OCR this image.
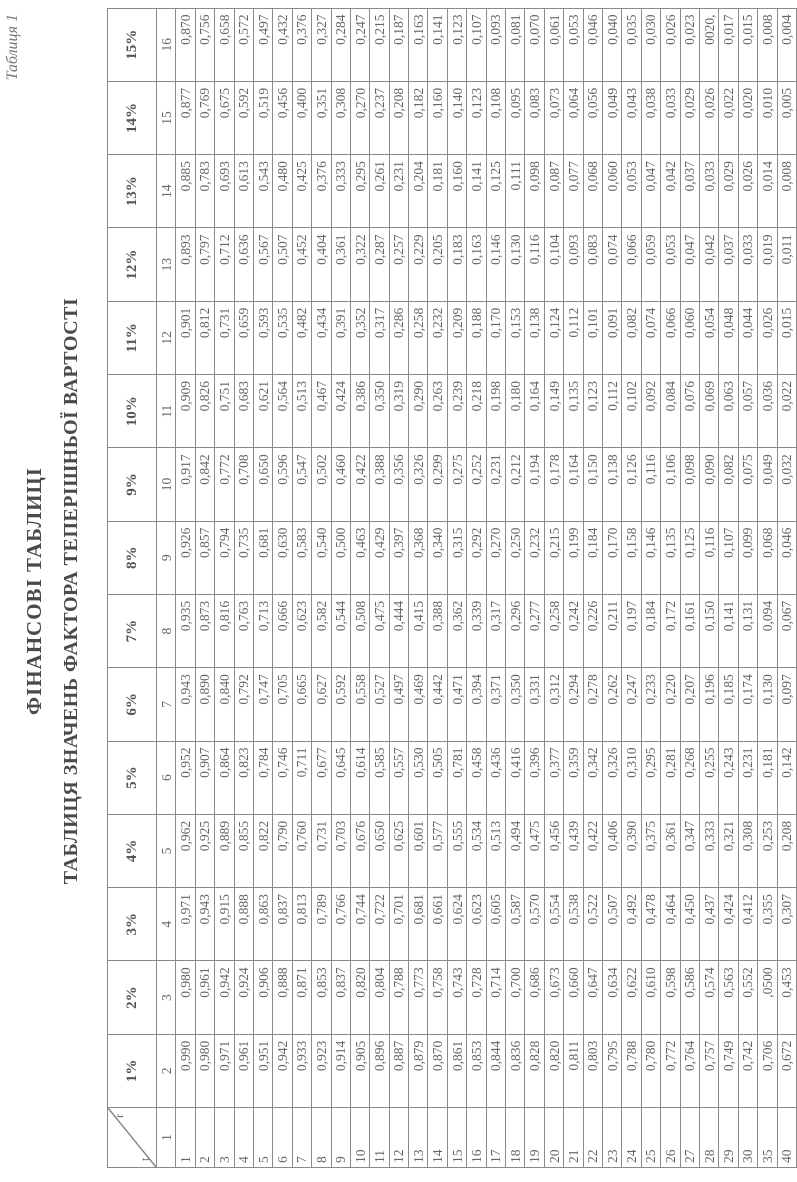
Таблиця 1
ФІНАНСОВІ ТАБЛИЦІ ТАБЛИЦЯ ЗНАЧЕНЬ ФАКТОРА ТЕПЕРІШНЬОЇ ВАРТОСТІ
r
t	1%	2%	3%	4%	5%	6%	7%	8%	9%	10%	11%	12%	13%	14%	15%
1	2	3	4	5	6	7	8	9	10	11	12	13	14	15	16
1	0,990	0,980	0,971	0,962	0,952	0,943	0,935	0,926	0,917	0,909	0,901	0,893	0,885	0,877	0,870
2	0,980	0,961	0,943	0,925	0,907	0,890	0,873	0,857	0,842	0,826	0,812	0,797	0,783	0,769	0,756
3	0,971	0,942	0,915	0,889	0,864	0,840	0,816	0,794	0,772	0,751	0,731	0,712	0,693	0,675	0,658
4	0,961	0,924	0,888	0,855	0,823	0,792	0,763	0,735	0,708	0,683	0,659	0,636	0,613	0,592	0,572
5	0,951	0,906	0,863	0,822	0,784	0,747	0,713	0,681	0,650	0,621	0,593	0,567	0,543	0,519	0,497
6	0,942	0,888	0,837	0,790	0,746	0,705	0,666	0,630	0,596	0,564	0,535	0,507	0,480	0,456	0,432
7	0,933	0,871	0,813	0,760	0,711	0,665	0,623	0,583	0,547	0,513	0,482	0,452	0,425	0,400	0,376
8	0,923	0,853	0,789	0,731	0,677	0,627	0,582	0,540	0,502	0,467	0,434	0,404	0,376	0,351	0,327
9	0,914	0,837	0,766	0,703	0,645	0,592	0,544	0,500	0,460	0,424	0,391	0,361	0,333	0,308	0,284
10	0,905	0,820	0,744	0,676	0,614	0,558	0,508	0,463	0,422	0,386	0,352	0,322	0,295	0,270	0,247
11	0,896	0,804	0,722	0,650	0,585	0,527	0,475	0,429	0,388	0,350	0,317	0,287	0,261	0,237	0,215
12	0,887	0,788	0,701	0,625	0,557	0,497	0,444	0,397	0,356	0,319	0,286	0,257	0,231	0,208	0,187
13	0,879	0,773	0,681	0,601	0,530	0,469	0,415	0,368	0,326	0,290	0,258	0,229	0,204	0,182	0,163
14	0,870	0,758	0,661	0,577	0,505	0,442	0,388	0,340	0,299	0,263	0,232	0,205	0,181	0,160	0,141
15	0,861	0,743	0,624	0,555	0,781	0,471	0,362	0,315	0,275	0,239	0,209	0,183	0,160	0,140	0,123
16	0,853	0,728	0,623	0,534	0,458	0,394	0,339	0,292	0,252	0,218	0,188	0,163	0,141	0,123	0,107
17	0,844	0,714	0,605	0,513	0,436	0,371	0,317	0,270	0,231	0,198	0,170	0,146	0,125	0,108	0,093
18	0,836	0,700	0,587	0,494	0,416	0,350	0,296	0,250	0,212	0,180	0,153	0,130	0,111	0,095	0,081
19	0,828	0,686	0,570	0,475	0,396	0,331	0,277	0,232	0,194	0,164	0,138	0,116	0,098	0,083	0,070
20	0,820	0,673	0,554	0,456	0,377	0,312	0,258	0,215	0,178	0,149	0,124	0,104	0,087	0,073	0,061
21	0,811	0,660	0,538	0,439	0,359	0,294	0,242	0,199	0,164	0,135	0,112	0,093	0,077	0,064	0,053
22	0,803	0,647	0,522	0,422	0,342	0,278	0,226	0,184	0,150	0,123	0,101	0,083	0,068	0,056	0,046
23	0,795	0,634	0,507	0,406	0,326	0,262	0,211	0,170	0,138	0,112	0,091	0,074	0,060	0,049	0,040
24	0,788	0,622	0,492	0,390	0,310	0,247	0,197	0,158	0,126	0,102	0,082	0,066	0,053	0,043	0,035
25	0,780	0,610	0,478	0,375	0,295	0,233	0,184	0,146	0,116	0,092	0,074	0,059	0,047	0,038	0,030
26	0,772	0,598	0,464	0,361	0,281	0,220	0,172	0,135	0,106	0,084	0,066	0,053	0,042	0,033	0,026
27	0,764	0,586	0,450	0,347	0,268	0,207	0,161	0,125	0,098	0,076	0,060	0,047	0,037	0,029	0,023
28	0,757	0,574	0,437	0,333	0,255	0,196	0,150	0,116	0,090	0,069	0,054	0,042	0,033	0,026	0020,
29	0,749	0,563	0,424	0,321	0,243	0,185	0,141	0,107	0,082	0,063	0,048	0,037	0,029	0,022	0,017
30	0,742	0,552	0,412	0,308	0,231	0,174	0,131	0,099	0,075	0,057	0,044	0,033	0,026	0,020	0,015
35	0,706	,0500	0,355	0,253	0,181	0,130	0,094	0,068	0,049	0,036	0,026	0,019	0,014	0,010	0,008
40	0,672	0,453	0,307	0,208	0,142	0,097	0,067	0,046	0,032	0,022	0,015	0,011	0,008	0,005	0,004
